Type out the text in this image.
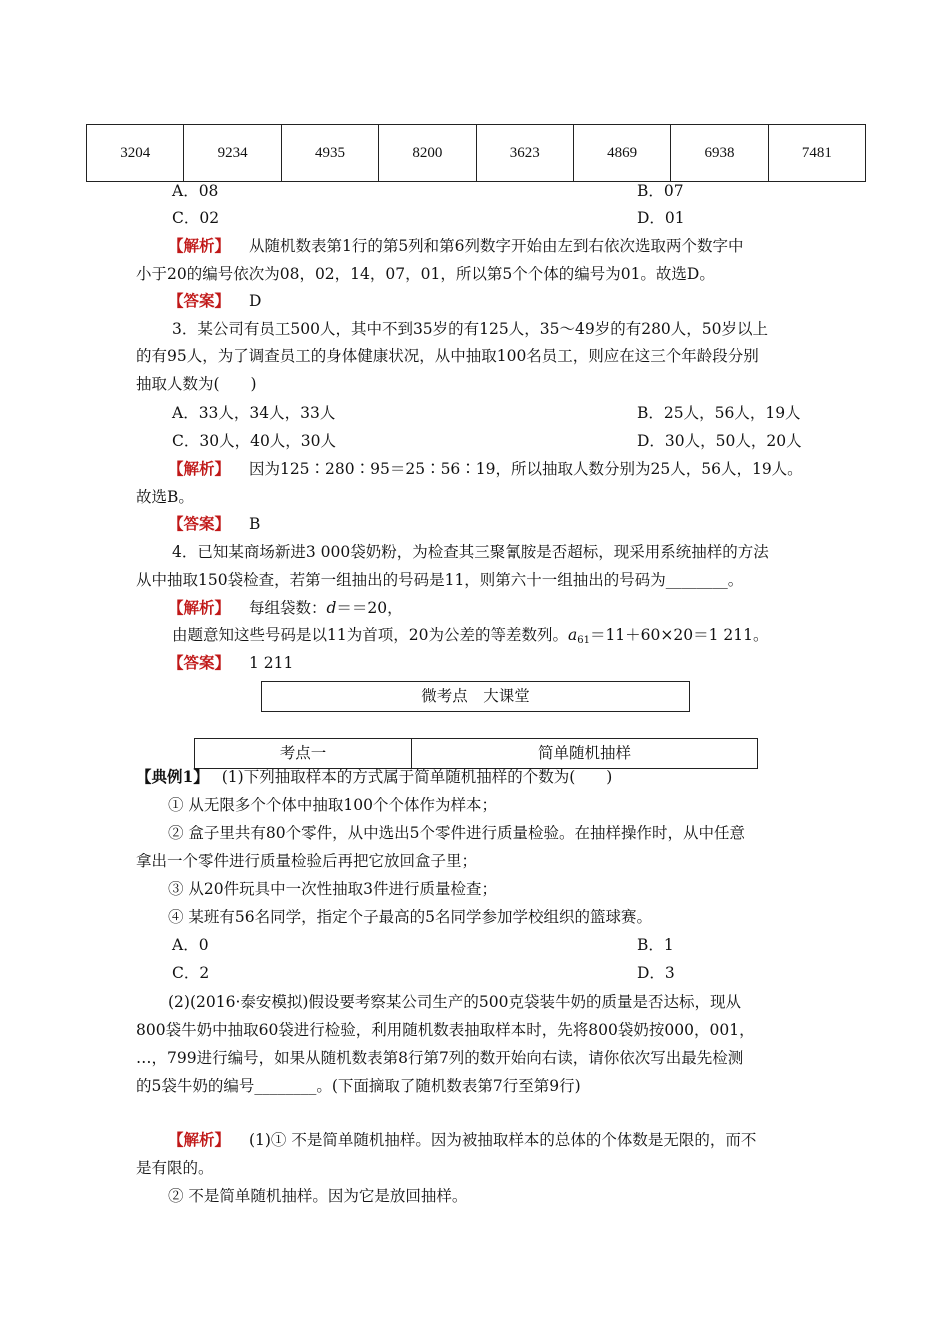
3204	9234	4935	8200	3623	4869	6938	7481
A．08	B．07
C．02	D．01
【解析】 从随机数表第1行的第5列和第6列数字开始由左到右依次选取两个数字中
小于20的编号依次为08，02，14，07，01，所以第5个个体的编号为01。故选D。
【答案】 D
3．某公司有员工500人，其中不到35岁的有125人，35～49岁的有280人，50岁以上
的有95人，为了调查员工的身体健康状况，从中抽取100名员工，则应在这三个年龄段分别
抽取人数为(　　)
A．33人，34人，33人	B．25人，56人，19人
C．30人，40人，30人	D．30人，50人，20人
【解析】 因为125∶280∶95＝25∶56∶19，所以抽取人数分别为25人，56人，19人。
故选B。
【答案】 B
4．已知某商场新进3 000袋奶粉，为检查其三聚氰胺是否超标，现采用系统抽样的方法
从中抽取150袋检查，若第一组抽出的号码是11，则第六十一组抽出的号码为________。
【解析】 每组袋数：d＝＝20，
由题意知这些号码是以11为首项，20为公差的等差数列。$a_{61}=11+60\times 20=1$ 211。
【答案】 1 211
微考点　大课堂
考点一	简单随机抽样
【典例1】 (1)下列抽取样本的方式属于简单随机抽样的个数为(　　)
① 从无限多个个体中抽取100个个体作为样本；
② 盒子里共有80个零件，从中选出5个零件进行质量检验。在抽样操作时，从中任意
拿出一个零件进行质量检验后再把它放回盒子里；
③ 从20件玩具中一次性抽取3件进行质量检查；
④ 某班有56名同学，指定个子最高的5名同学参加学校组织的篮球赛。
A．0	B．1
C．2	D．3
(2)(2016·泰安模拟)假设要考察某公司生产的500克袋装牛奶的质量是否达标，现从
800袋牛奶中抽取60袋进行检验，利用随机数表抽取样本时，先将800袋奶按000，001，
…，799进行编号，如果从随机数表第8行第7列的数开始向右读，请你依次写出最先检测
的5袋牛奶的编号________。(下面摘取了随机数表第7行至第9行)
【解析】 (1)① 不是简单随机抽样。因为被抽取样本的总体的个体数是无限的，而不
是有限的。
② 不是简单随机抽样。因为它是放回抽样。
